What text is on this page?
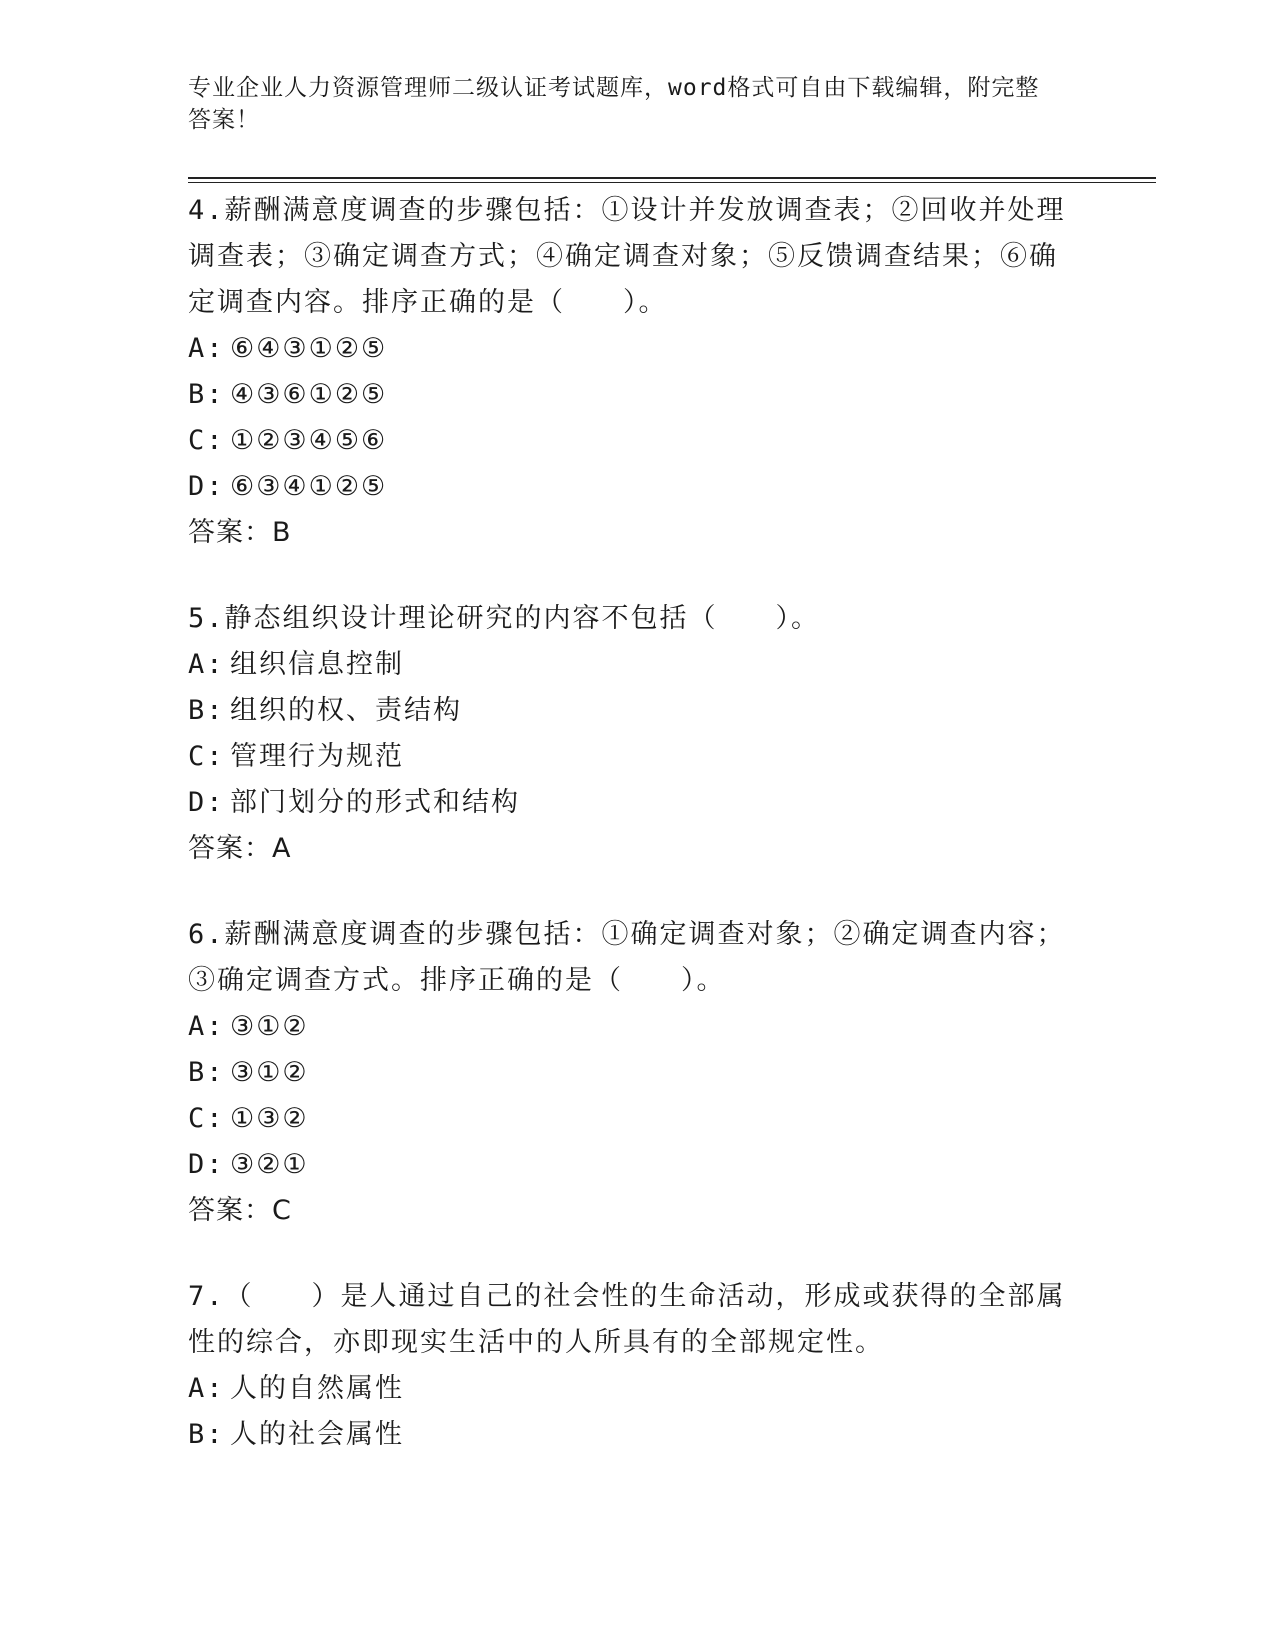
专业企业人力资源管理师二级认证考试题库，word格式可自由下载编辑，附完整
答案！
4.薪酬满意度调查的步骤包括：①设计并发放调查表；②回收并处理
调查表；③确定调查方式；④确定调查对象；⑤反馈调查结果；⑥确
定调查内容。排序正确的是（　　）。
A: ⑥④③①②⑤
B: ④③⑥①②⑤
C: ①②③④⑤⑥
D: ⑥③④①②⑤
答案：B
5.静态组织设计理论研究的内容不包括（　　）。
A: 组织信息控制
B: 组织的权、责结构
C: 管理行为规范
D: 部门划分的形式和结构
答案：A
6.薪酬满意度调查的步骤包括：①确定调查对象；②确定调查内容；
③确定调查方式。排序正确的是（　　）。
A: ③①②
B: ③①②
C: ①③②
D: ③②①
答案：C
7.（　　）是人通过自己的社会性的生命活动，形成或获得的全部属
性的综合，亦即现实生活中的人所具有的全部规定性。
A: 人的自然属性
B: 人的社会属性
